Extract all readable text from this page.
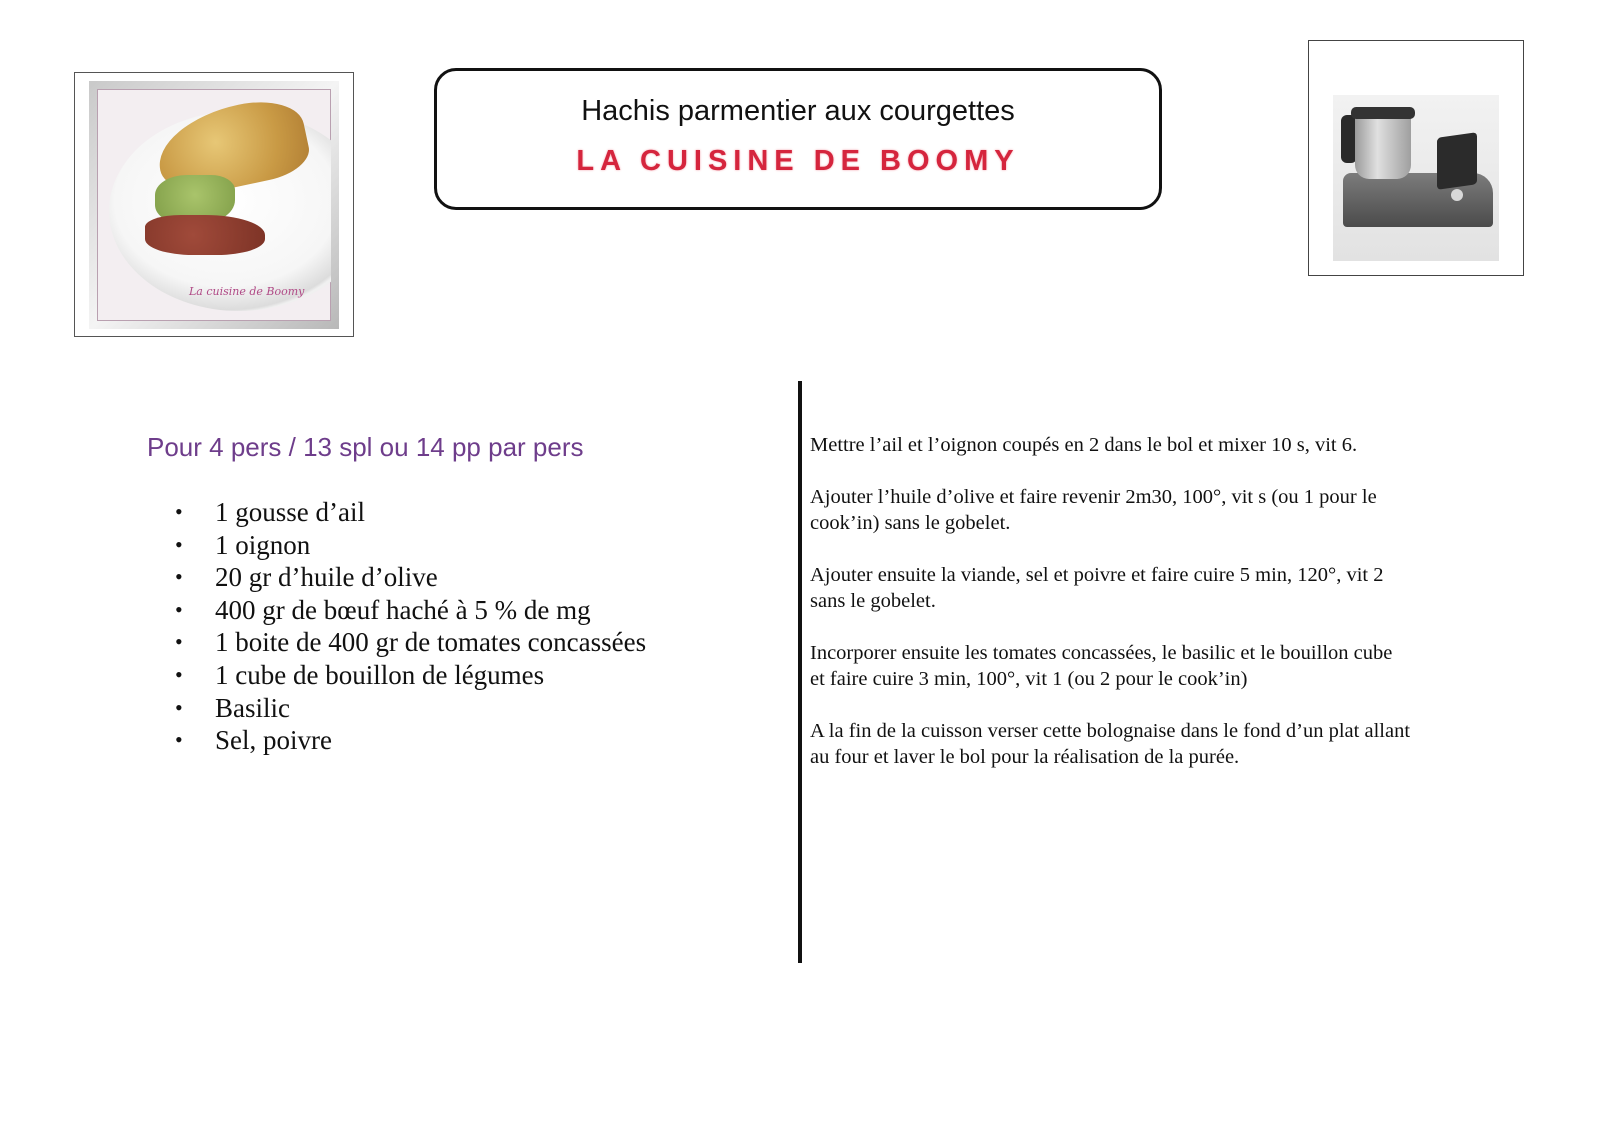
La cuisine de Boomy
Hachis parmentier aux courgettes
LA CUISINE DE BOOMY
Pour 4 pers / 13 spl ou 14 pp par pers
• 1 gousse d’ail
• 1 oignon
• 20 gr d’huile d’olive
• 400 gr de bœuf haché à 5 % de mg
• 1 boite de 400 gr de tomates concassées
• 1 cube de bouillon de légumes
• Basilic
• Sel, poivre

Mettre l’ail et l’oignon coupés en 2 dans le bol et mixer 10 s, vit 6.

Ajouter l’huile d’olive et faire revenir 2m30, 100°, vit s (ou 1 pour le cook’in) sans le gobelet.

Ajouter ensuite la viande, sel et poivre et faire cuire 5 min, 120°, vit 2 sans le gobelet.

Incorporer ensuite les tomates concassées, le basilic et le bouillon cube et faire cuire 3 min, 100°, vit 1 (ou 2 pour le cook’in)

A la fin de la cuisson verser cette bolognaise dans le fond d’un plat allant au four et laver le bol pour la réalisation de la purée.
